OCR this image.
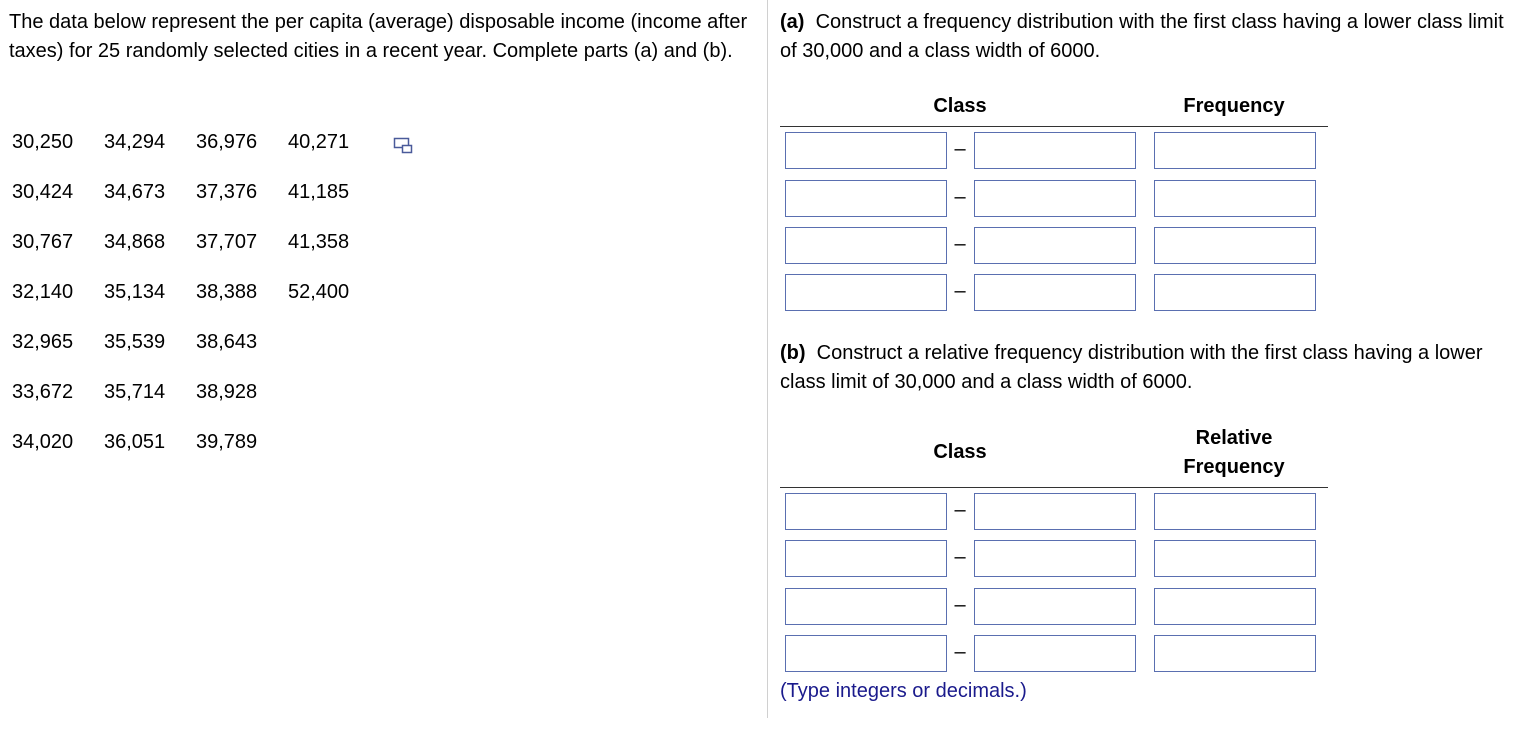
The data below represent the per capita (average) disposable income (income after taxes) for 25 randomly selected cities in a recent year. Complete parts (a) and (b).

30,250	34,294	36,976	40,271
30,424	34,673	37,376	41,185
30,767	34,868	37,707	41,358
32,140	35,134	38,388	52,400
32,965	35,539	38,643
33,672	35,714	38,928
34,020	36,051	39,789

(a) Construct a frequency distribution with the first class having a lower class limit of 30,000 and a class width of 6000.

Class	Frequency
–
–
–
–

(b) Construct a relative frequency distribution with the first class having a lower class limit of 30,000 and a class width of 6000.

Class
Relative
Frequency
–
–
–
–
(Type integers or decimals.)
